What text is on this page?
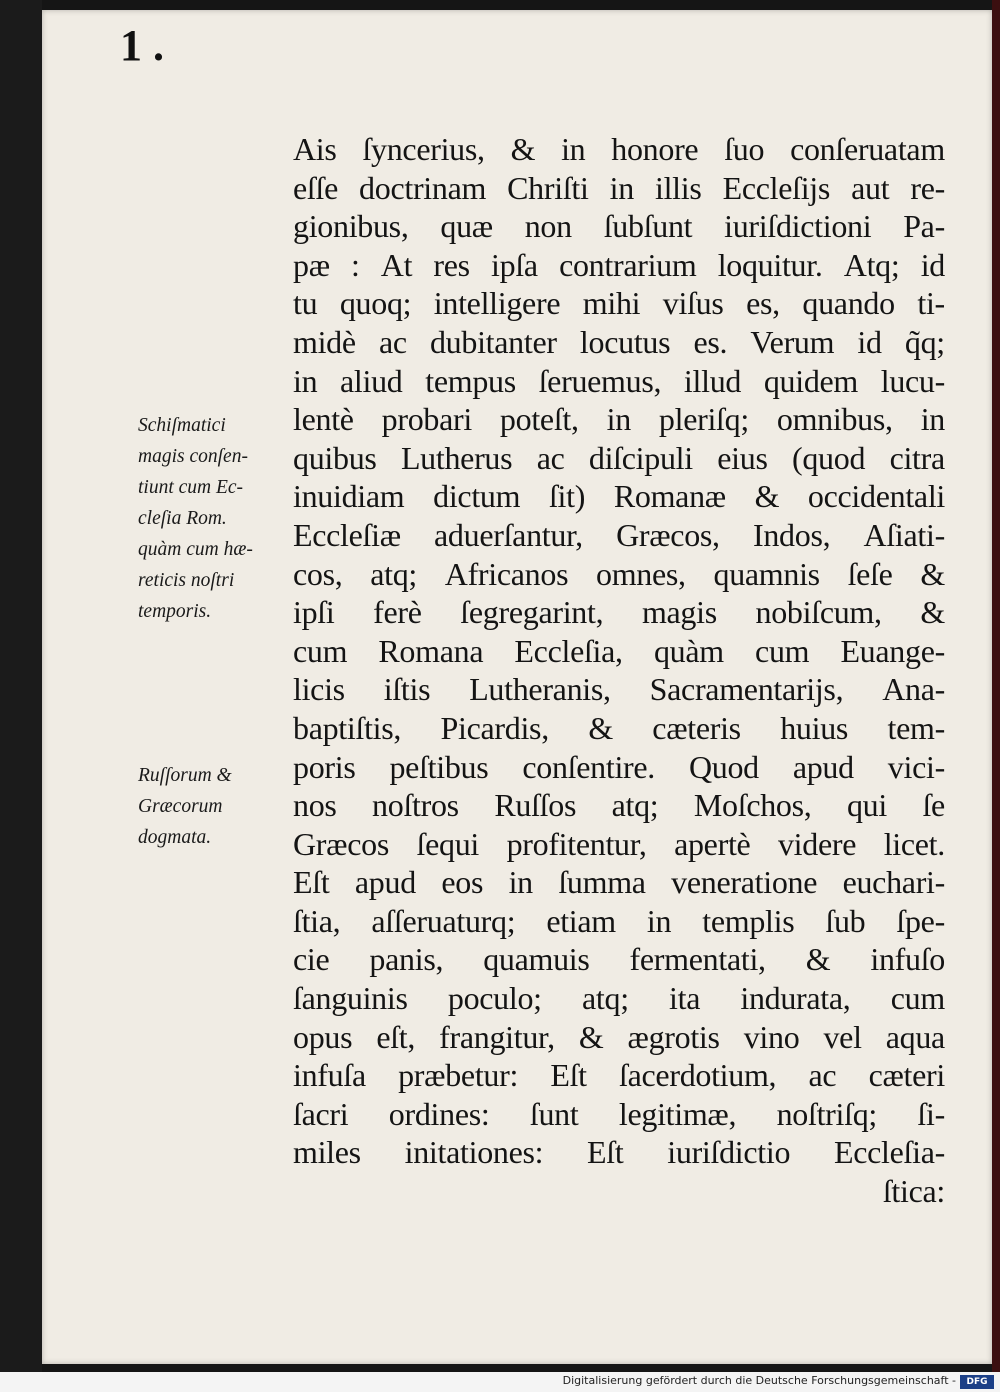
1 .
Schiſmatici
magis conſen-
tiunt cum Ec-
cleſia Rom.
quàm cum hæ-
reticis noſtri
temporis.
Ruſſorum &
Græcorum
dogmata.
Ais ſyncerius, & in honore ſuo conſeruatam
eſſe doctrinam Chriſti in illis Eccleſijs aut re-
gionibus, quæ non ſubſunt iuriſdictioni Pa-
pæ : At res ipſa contrarium loquitur. Atq; id
tu quoq; intelligere mihi viſus es, quando ti-
midè ac dubitanter locutus es. Verum id q̃q;
in aliud tempus ſeruemus, illud quidem lucu-
lentè probari poteſt, in pleriſq; omnibus, in
quibus Lutherus ac diſcipuli eius (quod citra
inuidiam dictum ſit) Romanæ & occidentali
Eccleſiæ aduerſantur, Græcos, Indos, Aſiati-
cos, atq; Africanos omnes, quamnis ſeſe &
ipſi ferè ſegregarint, magis nobiſcum, &
cum Romana Eccleſia, quàm cum Euange-
licis iſtis Lutheranis, Sacramentarijs, Ana-
baptiſtis, Picardis, & cæteris huius tem-
poris peſtibus conſentire. Quod apud vici-
nos noſtros Ruſſos atq; Moſchos, qui ſe
Græcos ſequi profitentur, apertè videre licet.
Eſt apud eos in ſumma veneratione euchari-
ſtia, aſſeruaturq; etiam in templis ſub ſpe-
cie panis, quamuis fermentati, & infuſo
ſanguinis poculo; atq; ita indurata, cum
opus eſt, frangitur, & ægrotis vino vel aqua
infuſa præbetur: Eſt ſacerdotium, ac cæteri
ſacri ordines: ſunt legitimæ, noſtriſq; ſi-
miles initationes: Eſt iuriſdictio Eccleſia-
ſtica:
Digitalisierung gefördert durch die Deutsche Forschungsgemeinschaft -	DFG
